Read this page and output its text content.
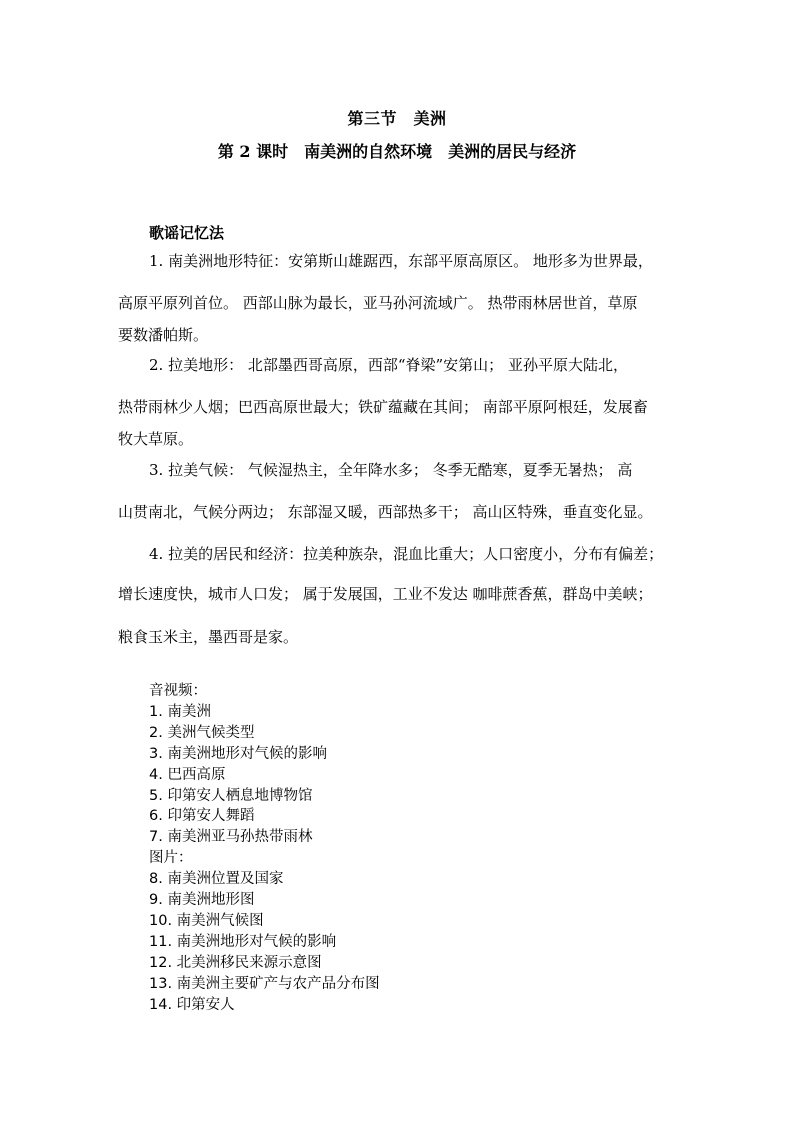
第三节　美洲
第 2 课时　南美洲的自然环境　美洲的居民与经济
歌谣记忆法
1. 南美洲地形特征：安第斯山雄踞西，东部平原高原区。 地形多为世界最，
高原平原列首位。 西部山脉为最长，亚马孙河流域广。 热带雨林居世首，草原
要数潘帕斯。
2. 拉美地形： 北部墨西哥高原，西部“脊梁”安第山； 亚孙平原大陆北，
热带雨林少人烟；巴西高原世最大；铁矿蕴藏在其间； 南部平原阿根廷，发展畜
牧大草原。
3. 拉美气候： 气候湿热主，全年降水多； 冬季无酷寒，夏季无暑热； 高
山贯南北，气候分两边； 东部湿又暖，西部热多干； 高山区特殊，垂直变化显。
4. 拉美的居民和经济：拉美种族杂，混血比重大；人口密度小，分布有偏差；
增长速度快，城市人口发； 属于发展国，工业不发达 咖啡蔗香蕉，群岛中美峡；
粮食玉米主，墨西哥是家。
音视频：
1. 南美洲
2. 美洲气候类型
3. 南美洲地形对气候的影响
4. 巴西高原
5. 印第安人栖息地博物馆
6. 印第安人舞蹈
7. 南美洲亚马孙热带雨林
图片：
8. 南美洲位置及国家
9. 南美洲地形图
10. 南美洲气候图
11. 南美洲地形对气候的影响
12. 北美洲移民来源示意图
13. 南美洲主要矿产与农产品分布图
14. 印第安人
